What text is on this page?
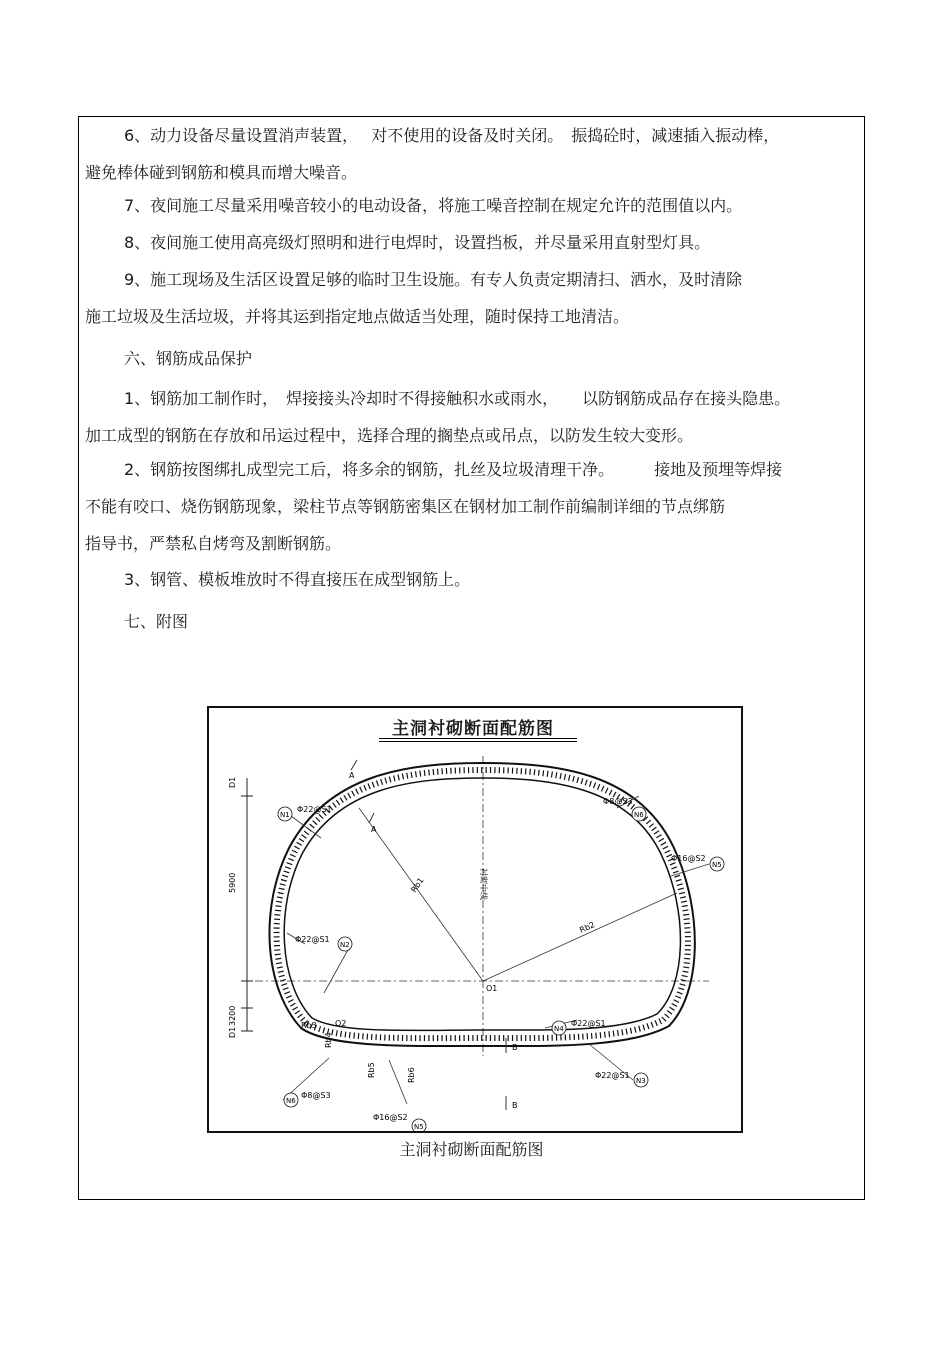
6、动力设备尽量设置消声装置，　 对不使用的设备及时关闭。　振捣砼时，减速插入振动棒，
避免棒体碰到钢筋和模具而增大噪音。
7、夜间施工尽量采用噪音较小的电动设备，将施工噪音控制在规定允许的范围值以内。
8、夜间施工使用高亮级灯照明和进行电焊时，设置挡板，并尽量采用直射型灯具。
9、施工现场及生活区设置足够的临时卫生设施。有专人负责定期清扫、洒水，及时清除
施工垃圾及生活垃圾，并将其运到指定地点做适当处理，随时保持工地清洁。
六、钢筋成品保护
1、钢筋加工制作时，　焊接接头冷却时不得接触积水或雨水，　　以防钢筋成品存在接头隐患。
加工成型的钢筋在存放和吊运过程中，选择合理的搁垫点或吊点，以防发生较大变形。
2、钢筋按图绑扎成型完工后，将多余的钢筋，扎丝及垃圾清理干净。　　　接地及预埋等焊接
不能有咬口、烧伤钢筋现象，梁柱节点等钢筋密集区在钢材加工制作前编制详细的节点绑筋
指导书，严禁私自烤弯及割断钢筋。
3、钢管、模板堆放时不得直接压在成型钢筋上。
七、附图
主洞衬砌断面配筋图
D1
5900
3200
D1
衬砌中线
Rb1
Rb2
Rb3
Rb4
Rb5	Rb6
O1
O2
A
A
B
B
N1
Φ22@S1
N2
Φ22@S1
N6
Φ8@S3
N5
Φ16@S2
N4
Φ22@S1
N3
Φ22@S1
N6
Φ8@S3
N5
Φ16@S2
主洞衬砌断面配筋图
